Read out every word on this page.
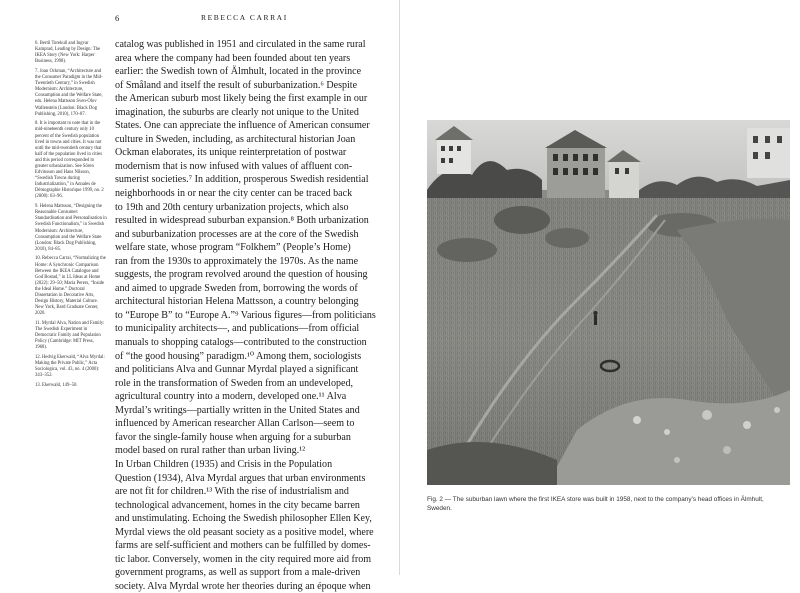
6	REBECCA CARRAI

6. Bertil Torekull and Ingvar Kamprad, Leading by Design: The IKEA Story (New York: Harper Business, 1998).

7. Joan Ockman, “Architecture and the Consumer Paradigm in the Mid-Twentieth Century,” in Swedish Modernism: Architecture, Consumption and the Welfare State, eds. Helena Mattsson Sven-Olov Wallenstein (London: Black Dog Publishing, 2010), 170–87.

8. It is important to note that in the mid-nineteenth century only 10 percent of the Swedish population lived in towns and cities. It was not until the mid-twentieth century that half of the population lived in cities and this period corresponded to greater urbanization. See Sören Edvinsson and Hans Nilsson, “Swedish Towns during Industrialization,” in Annales de Démographie Historique 1999, no. 2 (2000): 63–96.

9. Helena Mattsson, “Designing the Reasonable Consumer: Standardisation and Personalisation in Swedish Functionalism,” in Swedish Modernism: Architecture, Consumption and the Welfare State (London: Black Dog Publishing, 2010), 84–85.

10. Rebecca Carrai, “Normalizing the Home: A Synchronic Comparison Between the IKEA Catalogue and God Bostad,” in I.L Ideas at Home (2022): 29–50; Maria Perers, “Inside the Ideal Home.” Doctoral Dissertation in Decorative Arts, Design History, Material Culture. New York, Bard Graduate Center, 2020.

11. Myrdal Alva, Nation and Family: The Swedish Experiment in Democratic Family and Population Policy (Cambridge: MIT Press, 1968).

12. Hedvig Ekerwald, “Alva Myrdal: Making the Private Public,” Acta Sociologica, vol. 43, no. 4 (2000): 343–352.

13. Ekerwald, 149–50.

catalog was published in 1951 and circulated in the same rural
area where the company had been founded about ten years
earlier: the Swedish town of Älmhult, located in the province
of Småland and itself the result of suburbanization.⁶ Despite
the American suburb most likely being the first example in our
imagination, the suburbs are clearly not unique to the United
States. One can appreciate the influence of American consumer
culture in Sweden, including, as architectural historian Joan
Ockman elaborates, its unique reinterpretation of postwar
modernism that is now infused with values of affluent con-
sumerist societies.⁷ In addition, prosperous Swedish residential
neighborhoods in or near the city center can be traced back
to 19th and 20th century urbanization projects, which also
resulted in widespread suburban expansion.⁸ Both urbanization
and suburbanization processes are at the core of the Swedish
welfare state, whose program “Folkhem” (People’s Home)
ran from the 1930s to approximately the 1970s. As the name
suggests, the program revolved around the question of housing
and aimed to upgrade Sweden from, borrowing the words of
architectural historian Helena Mattsson, a country belonging
to “Europe B” to “Europe A.”⁹ Various figures—from politicians
to municipality architects—, and publications—from official
manuals to shopping catalogs—contributed to the construction
of “the good housing” paradigm.¹⁰ Among them, sociologists
and politicians Alva and Gunnar Myrdal played a significant
role in the transformation of Sweden from an undeveloped,
agricultural country into a modern, developed one.¹¹ Alva
Myrdal’s writings—partially written in the United States and
influenced by American researcher Allan Carlson—seem to
favor the single-family house when arguing for a suburban
model based on rural rather than urban living.¹²
In Urban Children (1935) and Crisis in the Population
Question (1934), Alva Myrdal argues that urban environments
are not fit for children.¹³ With the rise of industrialism and
technological advancement, homes in the city became barren
and unstimulating. Echoing the Swedish philosopher Ellen Key,
Myrdal views the old peasant society as a positive model, where
farms are self-sufficient and mothers can be fulfilled by domes-
tic labor. Conversely, women in the city required more aid from
government programs, as well as support from a male-driven
society. Alva Myrdal wrote her theories during an époque when

Fig. 2 — The suburban lawn where the first IKEA store was built in 1958, next to the company’s head offices in Älmhult, Sweden.
